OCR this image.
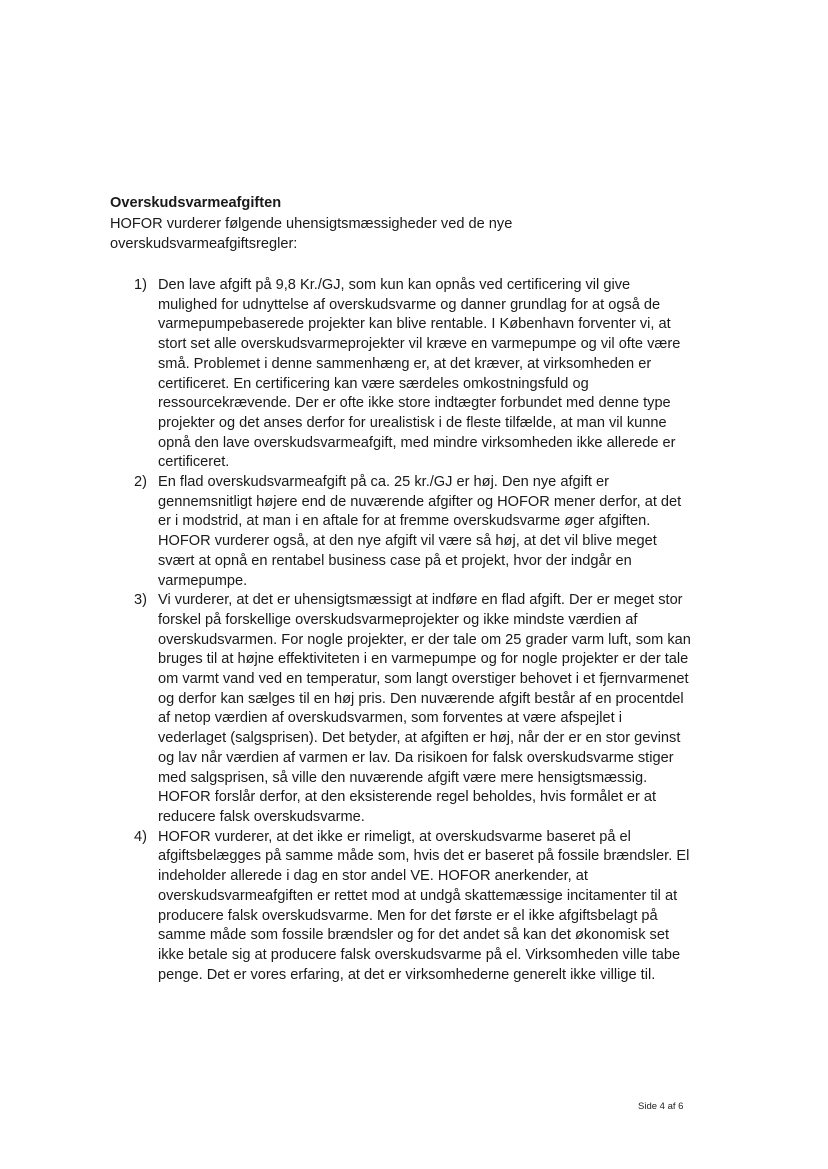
Overskudsvarmeafgiften

HOFOR vurderer følgende uhensigtsmæssigheder ved de nye overskudsvarmeafgiftsregler:

1) Den lave afgift på 9,8 Kr./GJ, som kun kan opnås ved certificering vil give mulighed for udnyttelse af overskudsvarme og danner grundlag for at også de varmepumpebaserede projekter kan blive rentable. I København forventer vi, at stort set alle overskudsvarmeprojekter vil kræve en varmepumpe og vil ofte være små. Problemet i denne sammenhæng er, at det kræver, at virksomheden er certificeret. En certificering kan være særdeles omkostningsfuld og ressourcekrævende. Der er ofte ikke store indtægter forbundet med denne type projekter og det anses derfor for urealistisk i de fleste tilfælde, at man vil kunne opnå den lave overskudsvarmeafgift, med mindre virksomheden ikke allerede er certificeret.
2) En flad overskudsvarmeafgift på ca. 25 kr./GJ er høj. Den nye afgift er gennemsnitligt højere end de nuværende afgifter og HOFOR mener derfor, at det er i modstrid, at man i en aftale for at fremme overskudsvarme øger afgiften. HOFOR vurderer også, at den nye afgift vil være så høj, at det vil blive meget svært at opnå en rentabel business case på et projekt, hvor der indgår en varmepumpe.
3) Vi vurderer, at det er uhensigtsmæssigt at indføre en flad afgift. Der er meget stor forskel på forskellige overskudsvarmeprojekter og ikke mindste værdien af overskudsvarmen. For nogle projekter, er der tale om 25 grader varm luft, som kan bruges til at højne effektiviteten i en varmepumpe og for nogle projekter er der tale om varmt vand ved en temperatur, som langt overstiger behovet i et fjernvarmenet og derfor kan sælges til en høj pris. Den nuværende afgift består af en procentdel af netop værdien af overskudsvarmen, som forventes at være afspejlet i vederlaget (salgsprisen). Det betyder, at afgiften er høj, når der er en stor gevinst og lav når værdien af varmen er lav. Da risikoen for falsk overskudsvarme stiger med salgsprisen, så ville den nuværende afgift være mere hensigtsmæssig. HOFOR forslår derfor, at den eksisterende regel beholdes, hvis formålet er at reducere falsk overskudsvarme.
4) HOFOR vurderer, at det ikke er rimeligt, at overskudsvarme baseret på el afgiftsbelægges på samme måde som, hvis det er baseret på fossile brændsler. El indeholder allerede i dag en stor andel VE. HOFOR anerkender, at overskudsvarmeafgiften er rettet mod at undgå skattemæssige incitamenter til at producere falsk overskudsvarme. Men for det første er el ikke afgiftsbelagt på samme måde som fossile brændsler og for det andet så kan det økonomisk set ikke betale sig at producere falsk overskudsvarme på el. Virksomheden ville tabe penge. Det er vores erfaring, at det er virksomhederne generelt ikke villige til.
Side 4 af 6
